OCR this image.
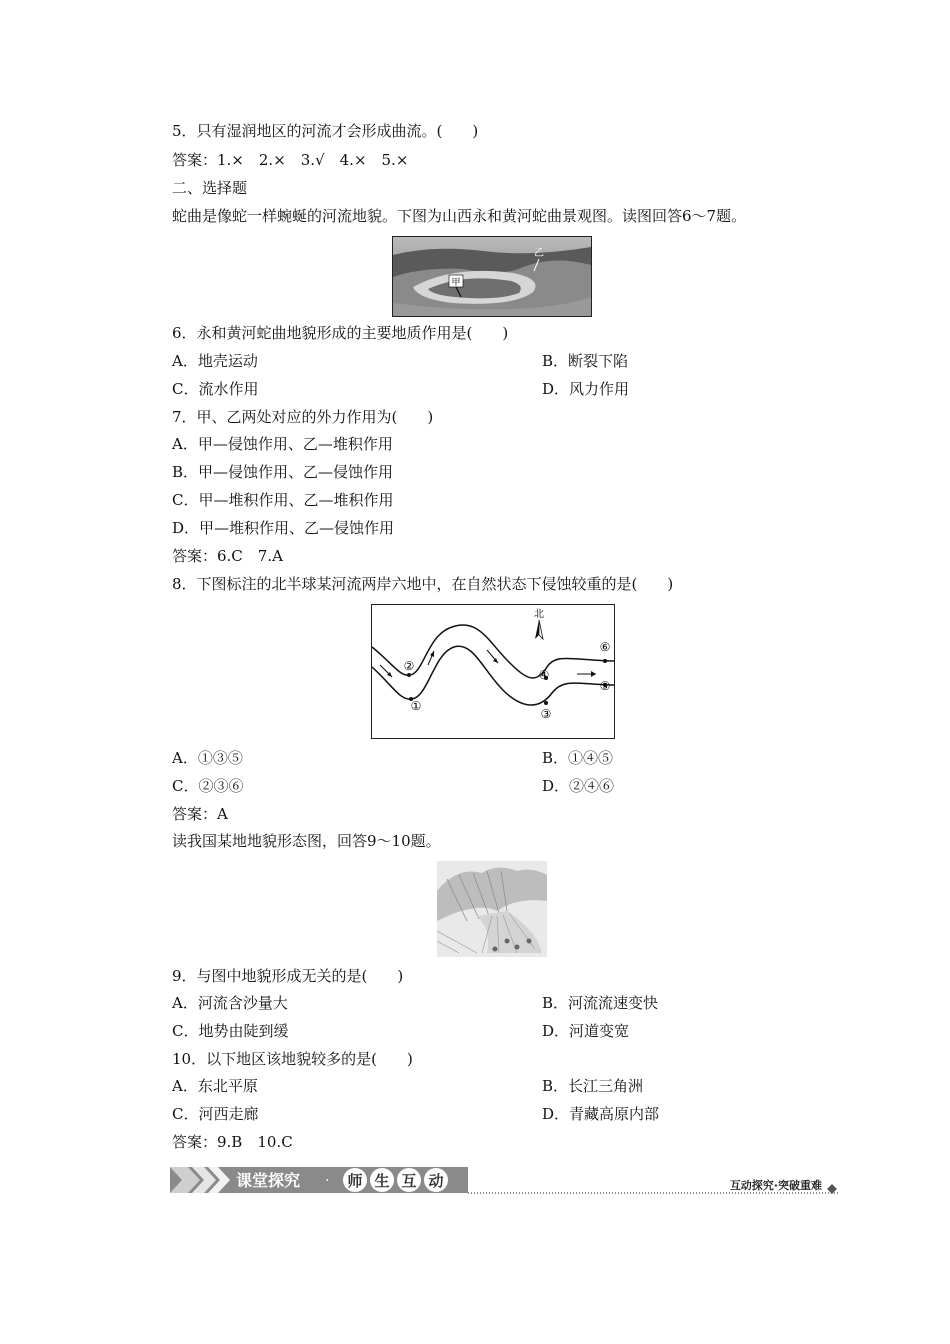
5．只有湿润地区的河流才会形成曲流。(　　)
答案：1.×　2.×　3.√　4.×　5.×
二、选择题
蛇曲是像蛇一样蜿蜒的河流地貌。下图为山西永和黄河蛇曲景观图。读图回答6～7题。
甲
乙
6．永和黄河蛇曲地貌形成的主要地质作用是(　　)
A．地壳运动	B．断裂下陷
C．流水作用	D．风力作用
7．甲、乙两处对应的外力作用为(　　)
A．甲—侵蚀作用、乙—堆积作用
B．甲—侵蚀作用、乙—侵蚀作用
C．甲—堆积作用、乙—堆积作用
D．甲—堆积作用、乙—侵蚀作用
答案：6.C　7.A
8．下图标注的北半球某河流两岸六地中，在自然状态下侵蚀较重的是(　　)
②
①
④
③
⑥
⑤
北
A．①③⑤	B．①④⑤
C．②③⑥	D．②④⑥
答案：A
读我国某地地貌形态图，回答9～10题。
9．与图中地貌形成无关的是(　　)
A．河流含沙量大	B．河流流速变快
C．地势由陡到缓	D．河道变宽
10．以下地区该地貌较多的是(　　)
A．东北平原	B．长江三角洲
C．河西走廊	D．青藏高原内部
答案：9.B　10.C
课堂探究 · 师 生 互 动	互动探究·突破重难
